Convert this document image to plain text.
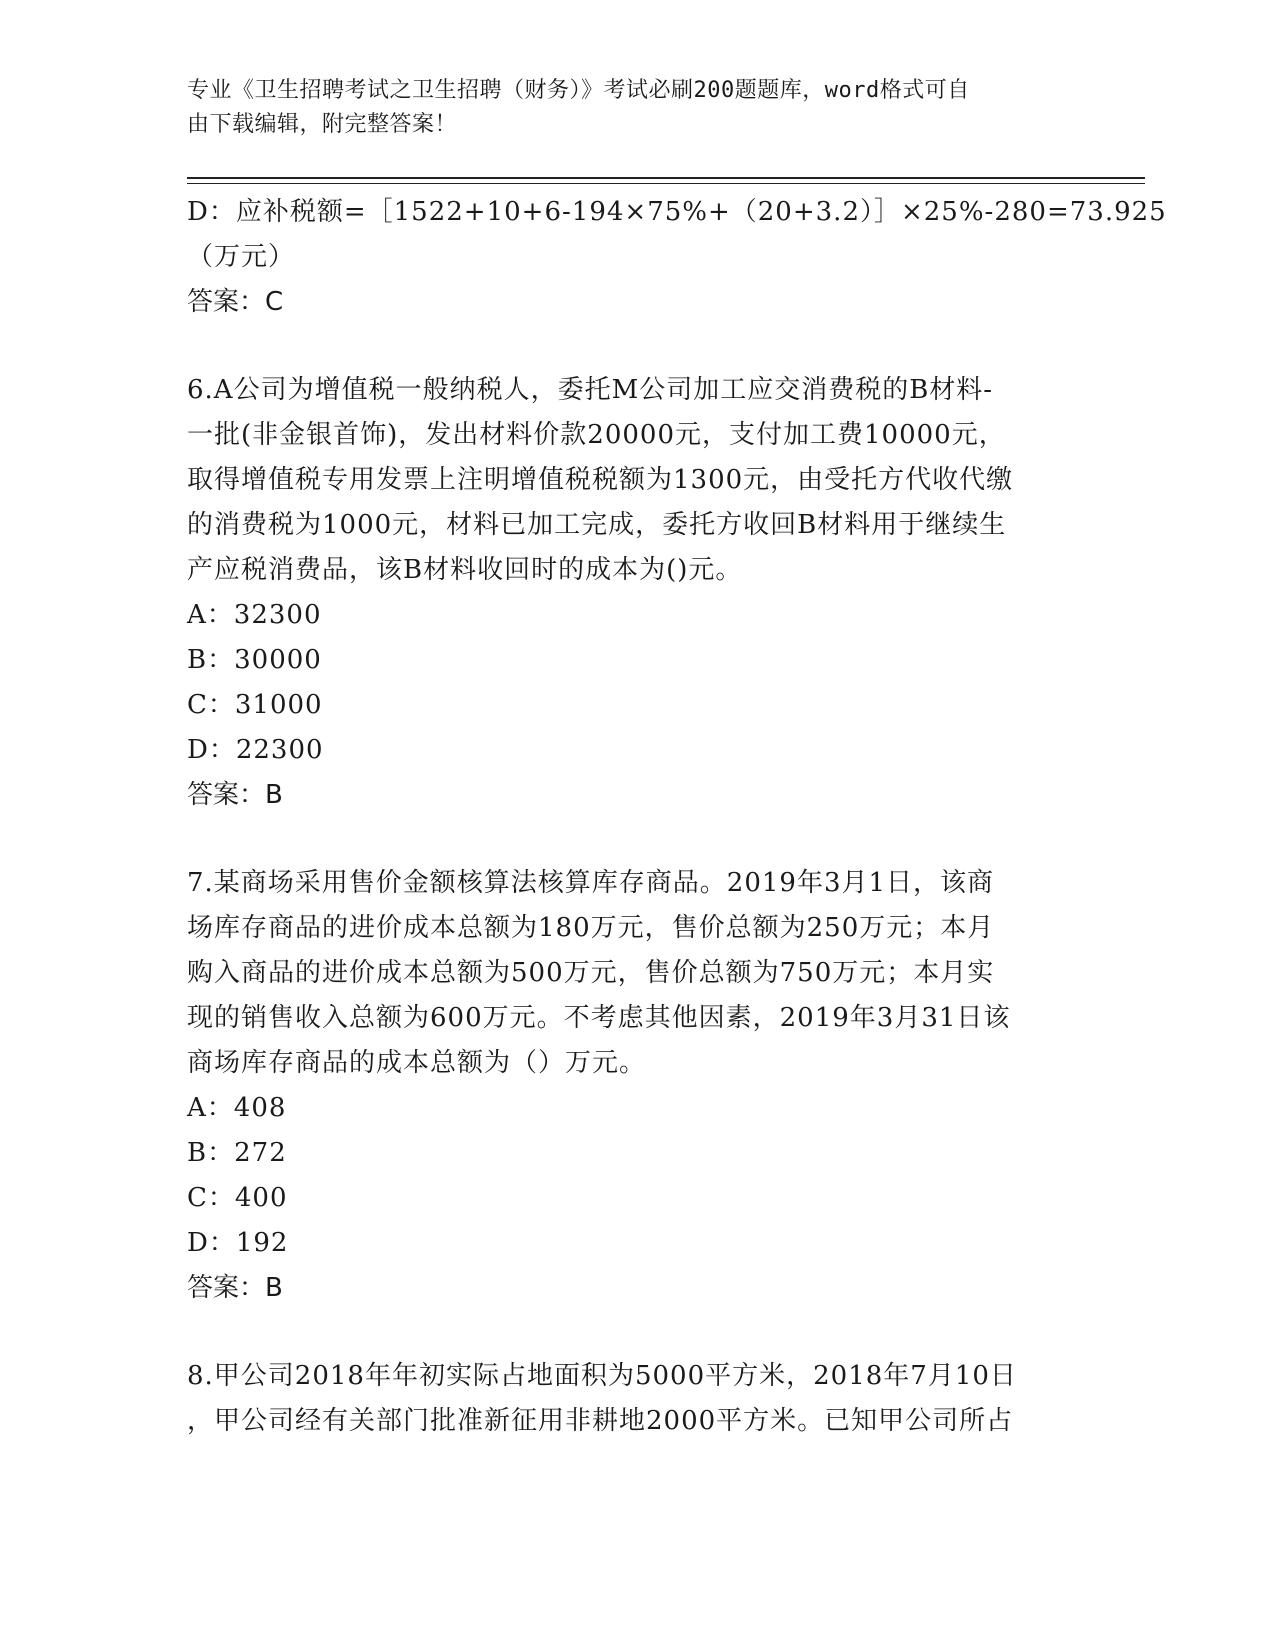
专业《卫生招聘考试之卫生招聘（财务）》考试必刷200题题库，word格式可自
由下载编辑，附完整答案！
D：应补税额=［1522+10+6-194×75%+（20+3.2）］×25%-280=73.925
（万元）
答案：C
6.A公司为增值税一般纳税人，委托M公司加工应交消费税的B材料-
一批(非金银首饰)，发出材料价款20000元，支付加工费10000元，
取得增值税专用发票上注明增值税税额为1300元，由受托方代收代缴
的消费税为1000元，材料已加工完成，委托方收回B材料用于继续生
产应税消费品，该B材料收回时的成本为()元。
A：32300
B：30000
C：31000
D：22300
答案：B
7.某商场采用售价金额核算法核算库存商品。2019年3月1日，该商
场库存商品的进价成本总额为180万元，售价总额为250万元；本月
购入商品的进价成本总额为500万元，售价总额为750万元；本月实
现的销售收入总额为600万元。不考虑其他因素，2019年3月31日该
商场库存商品的成本总额为（）万元。
A：408
B：272
C：400
D：192
答案：B
8.甲公司2018年年初实际占地面积为5000平方米，2018年7月10日
，甲公司经有关部门批准新征用非耕地2000平方米。已知甲公司所占
